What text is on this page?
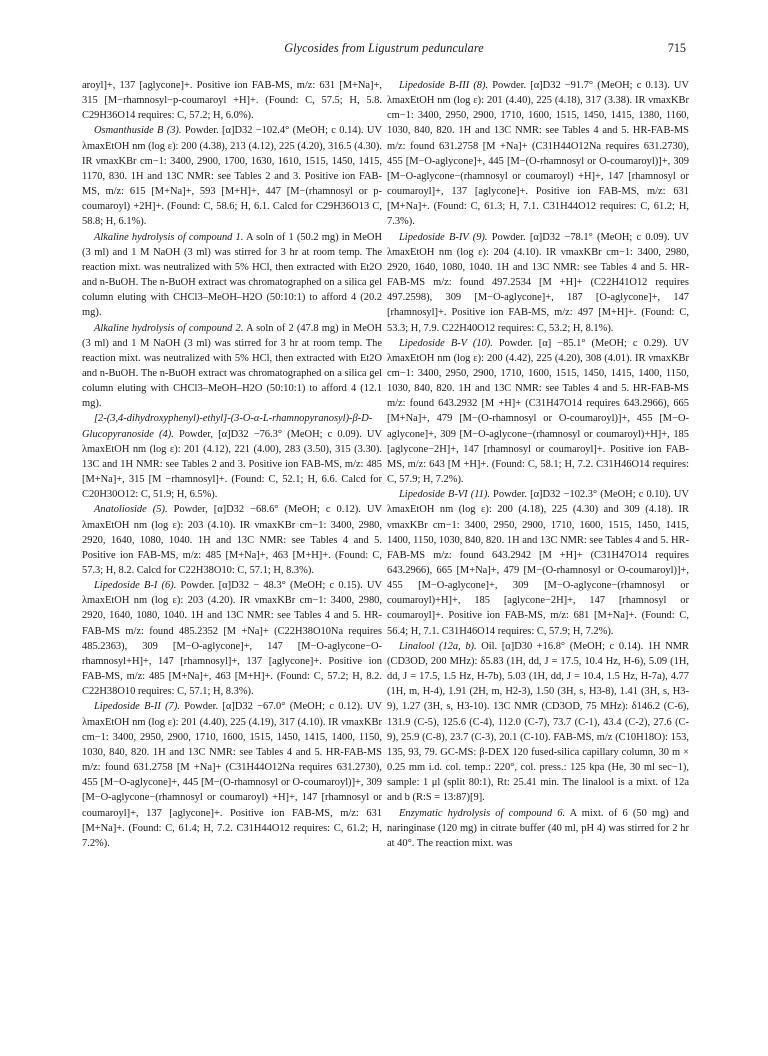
Glycosides from Ligustrum pedunculare	715

aroyl]+, 137 [aglycone]+. Positive ion FAB-MS, m/z: 631 [M+Na]+, 315 [M−rhamnosyl−p-coumaroyl +H]+. (Found: C, 57.5; H, 5.8. C29H36O14 requires: C, 57.2; H, 6.0%).

Osmanthuside B (3). Powder. [α]D32 −102.4° (MeOH; c 0.14). UV λmaxEtOH nm (log ε): 200 (4.38), 213 (4.12), 225 (4.20), 316.5 (4.30). IR νmaxKBr cm−1: 3400, 2900, 1700, 1630, 1610, 1515, 1450, 1415, 1170, 830. 1H and 13C NMR: see Tables 2 and 3. Positive ion FAB-MS, m/z: 615 [M+Na]+, 593 [M+H]+, 447 [M−(rhamnosyl or p-coumaroyl) +2H]+. (Found: C, 58.6; H, 6.1. Calcd for C29H36O13 C, 58.8; H, 6.1%).

Alkaline hydrolysis of compound 1. A soln of 1 (50.2 mg) in MeOH (3 ml) and 1 M NaOH (3 ml) was stirred for 3 hr at room temp. The reaction mixt. was neutralized with 5% HCl, then extracted with Et2O and n-BuOH. The n-BuOH extract was chromatographed on a silica gel column eluting with CHCl3–MeOH–H2O (50:10:1) to afford 4 (20.2 mg).

Alkaline hydrolysis of compound 2. A soln of 2 (47.8 mg) in MeOH (3 ml) and 1 M NaOH (3 ml) was stirred for 3 hr at room temp. The reaction mixt. was neutralized with 5% HCl, then extracted with Et2O and n-BuOH. The n-BuOH extract was chromatographed on a silica gel column eluting with CHCl3–MeOH–H2O (50:10:1) to afford 4 (12.1 mg).

[2-(3,4-dihydroxyphenyl)-ethyl]-(3-O-α-L-rhamnopyranosyl)-β-D-Glucopyranoside (4). Powder, [α]D32 −76.3° (MeOH; c 0.09). UV λmaxEtOH nm (log ε): 201 (4.12), 221 (4.00), 283 (3.50), 315 (3.30). 13C and 1H NMR: see Tables 2 and 3. Positive ion FAB-MS, m/z: 485 [M+Na]+, 315 [M −rhamnosyl]+. (Found: C, 52.1; H, 6.6. Calcd for C20H30O12: C, 51.9; H, 6.5%).

Anatolioside (5). Powder, [α]D32 −68.6° (MeOH; c 0.12). UV λmaxEtOH nm (log ε): 203 (4.10). IR νmaxKBr cm−1: 3400, 2980, 2920, 1640, 1080, 1040. 1H and 13C NMR: see Tables 4 and 5. Positive ion FAB-MS, m/z: 485 [M+Na]+, 463 [M+H]+. (Found: C, 57.3; H, 8.2. Calcd for C22H38O10: C, 57.1; H, 8.3%).

Lipedoside B-I (6). Powder. [α]D32 − 48.3° (MeOH; c 0.15). UV λmaxEtOH nm (log ε): 203 (4.20). IR νmaxKBr cm−1: 3400, 2980, 2920, 1640, 1080, 1040. 1H and 13C NMR: see Tables 4 and 5. HR-FAB-MS m/z: found 485.2352 [M +Na]+ (C22H38O10Na requires 485.2363), 309 [M−O-aglycone]+, 147 [M−O-aglycone−O-rhamnosyl+H]+, 147 [rhamnosyl]+, 137 [aglycone]+. Positive ion FAB-MS, m/z: 485 [M+Na]+, 463 [M+H]+. (Found: C, 57.2; H, 8.2. C22H38O10 requires: C, 57.1; H, 8.3%).

Lipedoside B-II (7). Powder. [α]D32 −67.0° (MeOH; c 0.12). UV λmaxEtOH nm (log ε): 201 (4.40), 225 (4.19), 317 (4.10). IR νmaxKBr cm−1: 3400, 2950, 2900, 1710, 1600, 1515, 1450, 1415, 1400, 1150, 1030, 840, 820. 1H and 13C NMR: see Tables 4 and 5. HR-FAB-MS m/z: found 631.2758 [M +Na]+ (C31H44O12Na requires 631.2730), 455 [M−O-aglycone]+, 445 [M−(O-rhamnosyl or O-coumaroyl)]+, 309 [M−O-aglycone−(rhamnosyl or coumaroyl) +H]+, 147 [rhamnosyl or coumaroyl]+, 137 [aglycone]+. Positive ion FAB-MS, m/z: 631 [M+Na]+. (Found: C, 61.4; H, 7.2. C31H44O12 requires: C, 61.2; H, 7.2%).

Lipedoside B-III (8). Powder. [α]D32 −91.7° (MeOH; c 0.13). UV λmaxEtOH nm (log ε): 201 (4.40), 225 (4.18), 317 (3.38). IR νmaxKBr cm−1: 3400, 2950, 2900, 1710, 1600, 1515, 1450, 1415, 1380, 1160, 1030, 840, 820. 1H and 13C NMR: see Tables 4 and 5. HR-FAB-MS m/z: found 631.2758 [M +Na]+ (C31H44O12Na requires 631.2730), 455 [M−O-aglycone]+, 445 [M−(O-rhamnosyl or O-coumaroyl)]+, 309 [M−O-aglycone−(rhamnosyl or coumaroyl) +H]+, 147 [rhamnosyl or coumaroyl]+, 137 [aglycone]+. Positive ion FAB-MS, m/z: 631 [M+Na]+. (Found: C, 61.3; H, 7.1. C31H44O12 requires: C, 61.2; H, 7.3%).

Lipedoside B-IV (9). Powder. [α]D32 −78.1° (MeOH; c 0.09). UV λmaxEtOH nm (log ε): 204 (4.10). IR νmaxKBr cm−1: 3400, 2980, 2920, 1640, 1080, 1040. 1H and 13C NMR: see Tables 4 and 5. HR-FAB-MS m/z: found 497.2534 [M +H]+ (C22H41O12 requires 497.2598), 309 [M−O-aglycone]+, 187 [O-aglycone]+, 147 [rhamnosyl]+. Positive ion FAB-MS, m/z: 497 [M+H]+. (Found: C, 53.3; H, 7.9. C22H40O12 requires: C, 53.2; H, 8.1%).

Lipedoside B-V (10). Powder. [α] −85.1° (MeOH; c 0.29). UV λmaxEtOH nm (log ε): 200 (4.42), 225 (4.20), 308 (4.01). IR νmaxKBr cm−1: 3400, 2950, 2900, 1710, 1600, 1515, 1450, 1415, 1400, 1150, 1030, 840, 820. 1H and 13C NMR: see Tables 4 and 5. HR-FAB-MS m/z: found 643.2932 [M +H]+ (C31H47O14 requires 643.2966), 665 [M+Na]+, 479 [M−(O-rhamnosyl or O-coumaroyl)]+, 455 [M−O-aglycone]+, 309 [M−O-aglycone−(rhamnosyl or coumaroyl)+H]+, 185 [aglycone−2H]+, 147 [rhamnosyl or coumaroyl]+. Positive ion FAB-MS, m/z: 643 [M +H]+. (Found: C, 58.1; H, 7.2. C31H46O14 requires: C, 57.9; H, 7.2%).

Lipedoside B-VI (11). Powder. [α]D32 −102.3° (MeOH; c 0.10). UV λmaxEtOH nm (log ε): 200 (4.18), 225 (4.30) and 309 (4.18). IR νmaxKBr cm−1: 3400, 2950, 2900, 1710, 1600, 1515, 1450, 1415, 1400, 1150, 1030, 840, 820. 1H and 13C NMR: see Tables 4 and 5. HR-FAB-MS m/z: found 643.2942 [M +H]+ (C31H47O14 requires 643.2966), 665 [M+Na]+, 479 [M−(O-rhamnosyl or O-coumaroyl)]+, 455 [M−O-aglycone]+, 309 [M−O-aglycone−(rhamnosyl or coumaroyl)+H]+, 185 [aglycone−2H]+, 147 [rhamnosyl or coumaroyl]+. Positive ion FAB-MS, m/z: 681 [M+Na]+. (Found: C, 56.4; H, 7.1. C31H46O14 requires: C, 57.9; H, 7.2%).

Linalool (12a, b). Oil. [α]D30 +16.8° (MeOH; c 0.14). 1H NMR (CD3OD, 200 MHz): δ5.83 (1H, dd, J = 17.5, 10.4 Hz, H-6), 5.09 (1H, dd, J = 17.5, 1.5 Hz, H-7b), 5.03 (1H, dd, J = 10.4, 1.5 Hz, H-7a), 4.77 (1H, m, H-4), 1.91 (2H, m, H2-3), 1.50 (3H, s, H3-8), 1.41 (3H, s, H3-9), 1.27 (3H, s, H3-10). 13C NMR (CD3OD, 75 MHz): δ146.2 (C-6), 131.9 (C-5), 125.6 (C-4), 112.0 (C-7), 73.7 (C-1), 43.4 (C-2), 27.6 (C-9), 25.9 (C-8), 23.7 (C-3), 20.1 (C-10). FAB-MS, m/z (C10H18O): 153, 135, 93, 79. GC-MS: β-DEX 120 fused-silica capillary column, 30 m × 0.25 mm i.d. col. temp.: 220°, col. press.: 125 kpa (He, 30 ml sec−1), sample: 1 μl (split 80:1), Rt: 25.41 min. The linalool is a mixt. of 12a and b (R:S = 13:87)[9].

Enzymatic hydrolysis of compound 6. A mixt. of 6 (50 mg) and naringinase (120 mg) in citrate buffer (40 ml, pH 4) was stirred for 2 hr at 40°. The reaction mixt. was
